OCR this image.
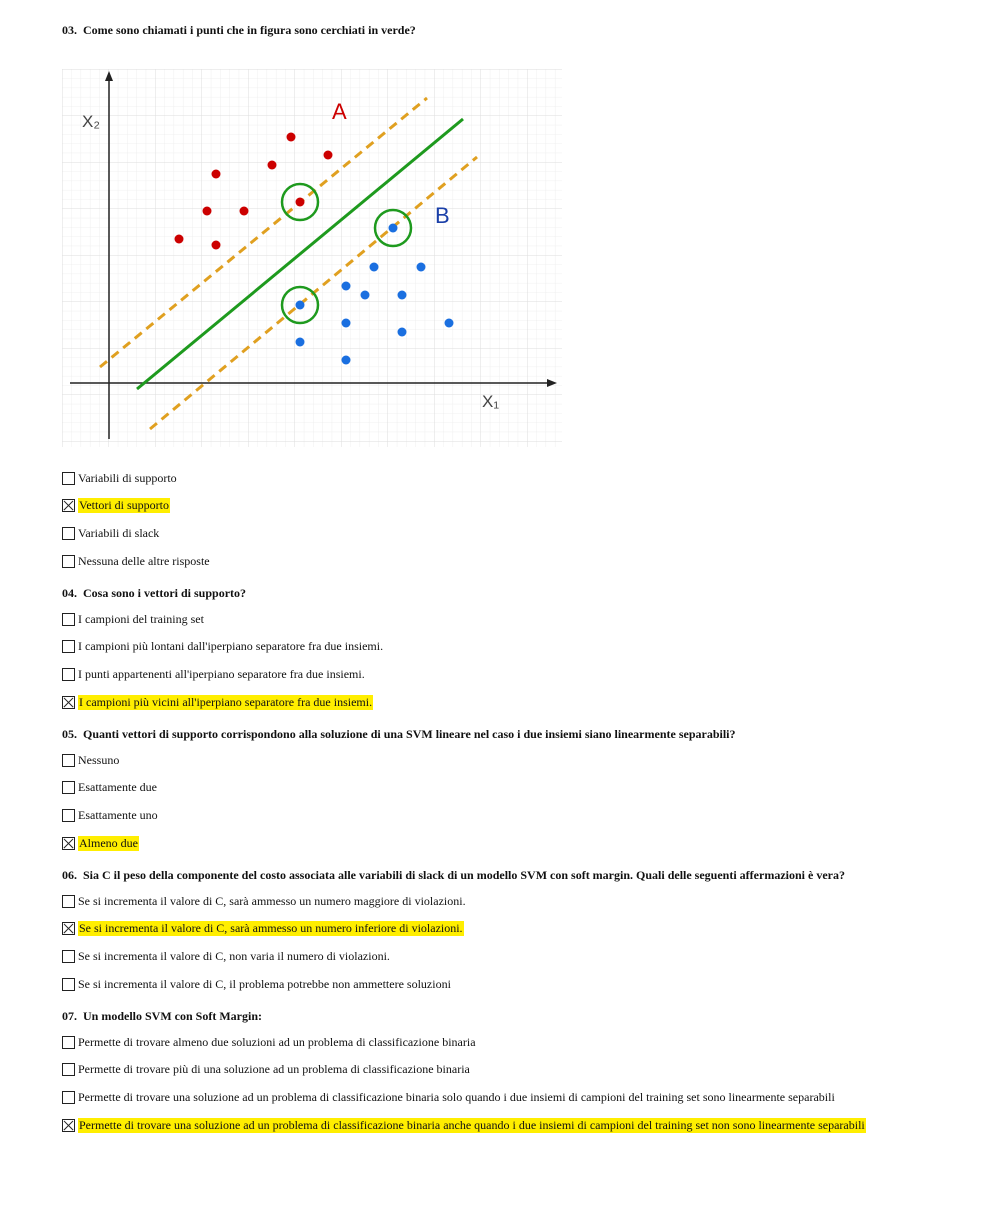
03. Come sono chiamati i punti che in figura sono cerchiati in verde?

X₂
X₁
A
B
Variabili di supporto
Vettori di supporto
Variabili di slack
Nessuna delle altre risposte

04. Cosa sono i vettori di supporto?

I campioni del training set
I campioni più lontani dall'iperpiano separatore fra due insiemi.
I punti appartenenti all'iperpiano separatore fra due insiemi.
I campioni più vicini all'iperpiano separatore fra due insiemi.

05. Quanti vettori di supporto corrispondono alla soluzione di una SVM lineare nel caso i due insiemi siano linearmente separabili?

Nessuno
Esattamente due
Esattamente uno
Almeno due

06. Sia C il peso della componente del costo associata alle variabili di slack di un modello SVM con soft margin. Quali delle seguenti affermazioni è vera?

Se si incrementa il valore di C, sarà ammesso un numero maggiore di violazioni.
Se si incrementa il valore di C, sarà ammesso un numero inferiore di violazioni.
Se si incrementa il valore di C, non varia il numero di violazioni.
Se si incrementa il valore di C, il problema potrebbe non ammettere soluzioni

07. Un modello SVM con Soft Margin:

Permette di trovare almeno due soluzioni ad un problema di classificazione binaria
Permette di trovare più di una soluzione ad un problema di classificazione binaria
Permette di trovare una soluzione ad un problema di classificazione binaria solo quando i due insiemi di campioni del training set sono linearmente separabili
Permette di trovare una soluzione ad un problema di classificazione binaria anche quando i due insiemi di campioni del training set non sono linearmente separabili
